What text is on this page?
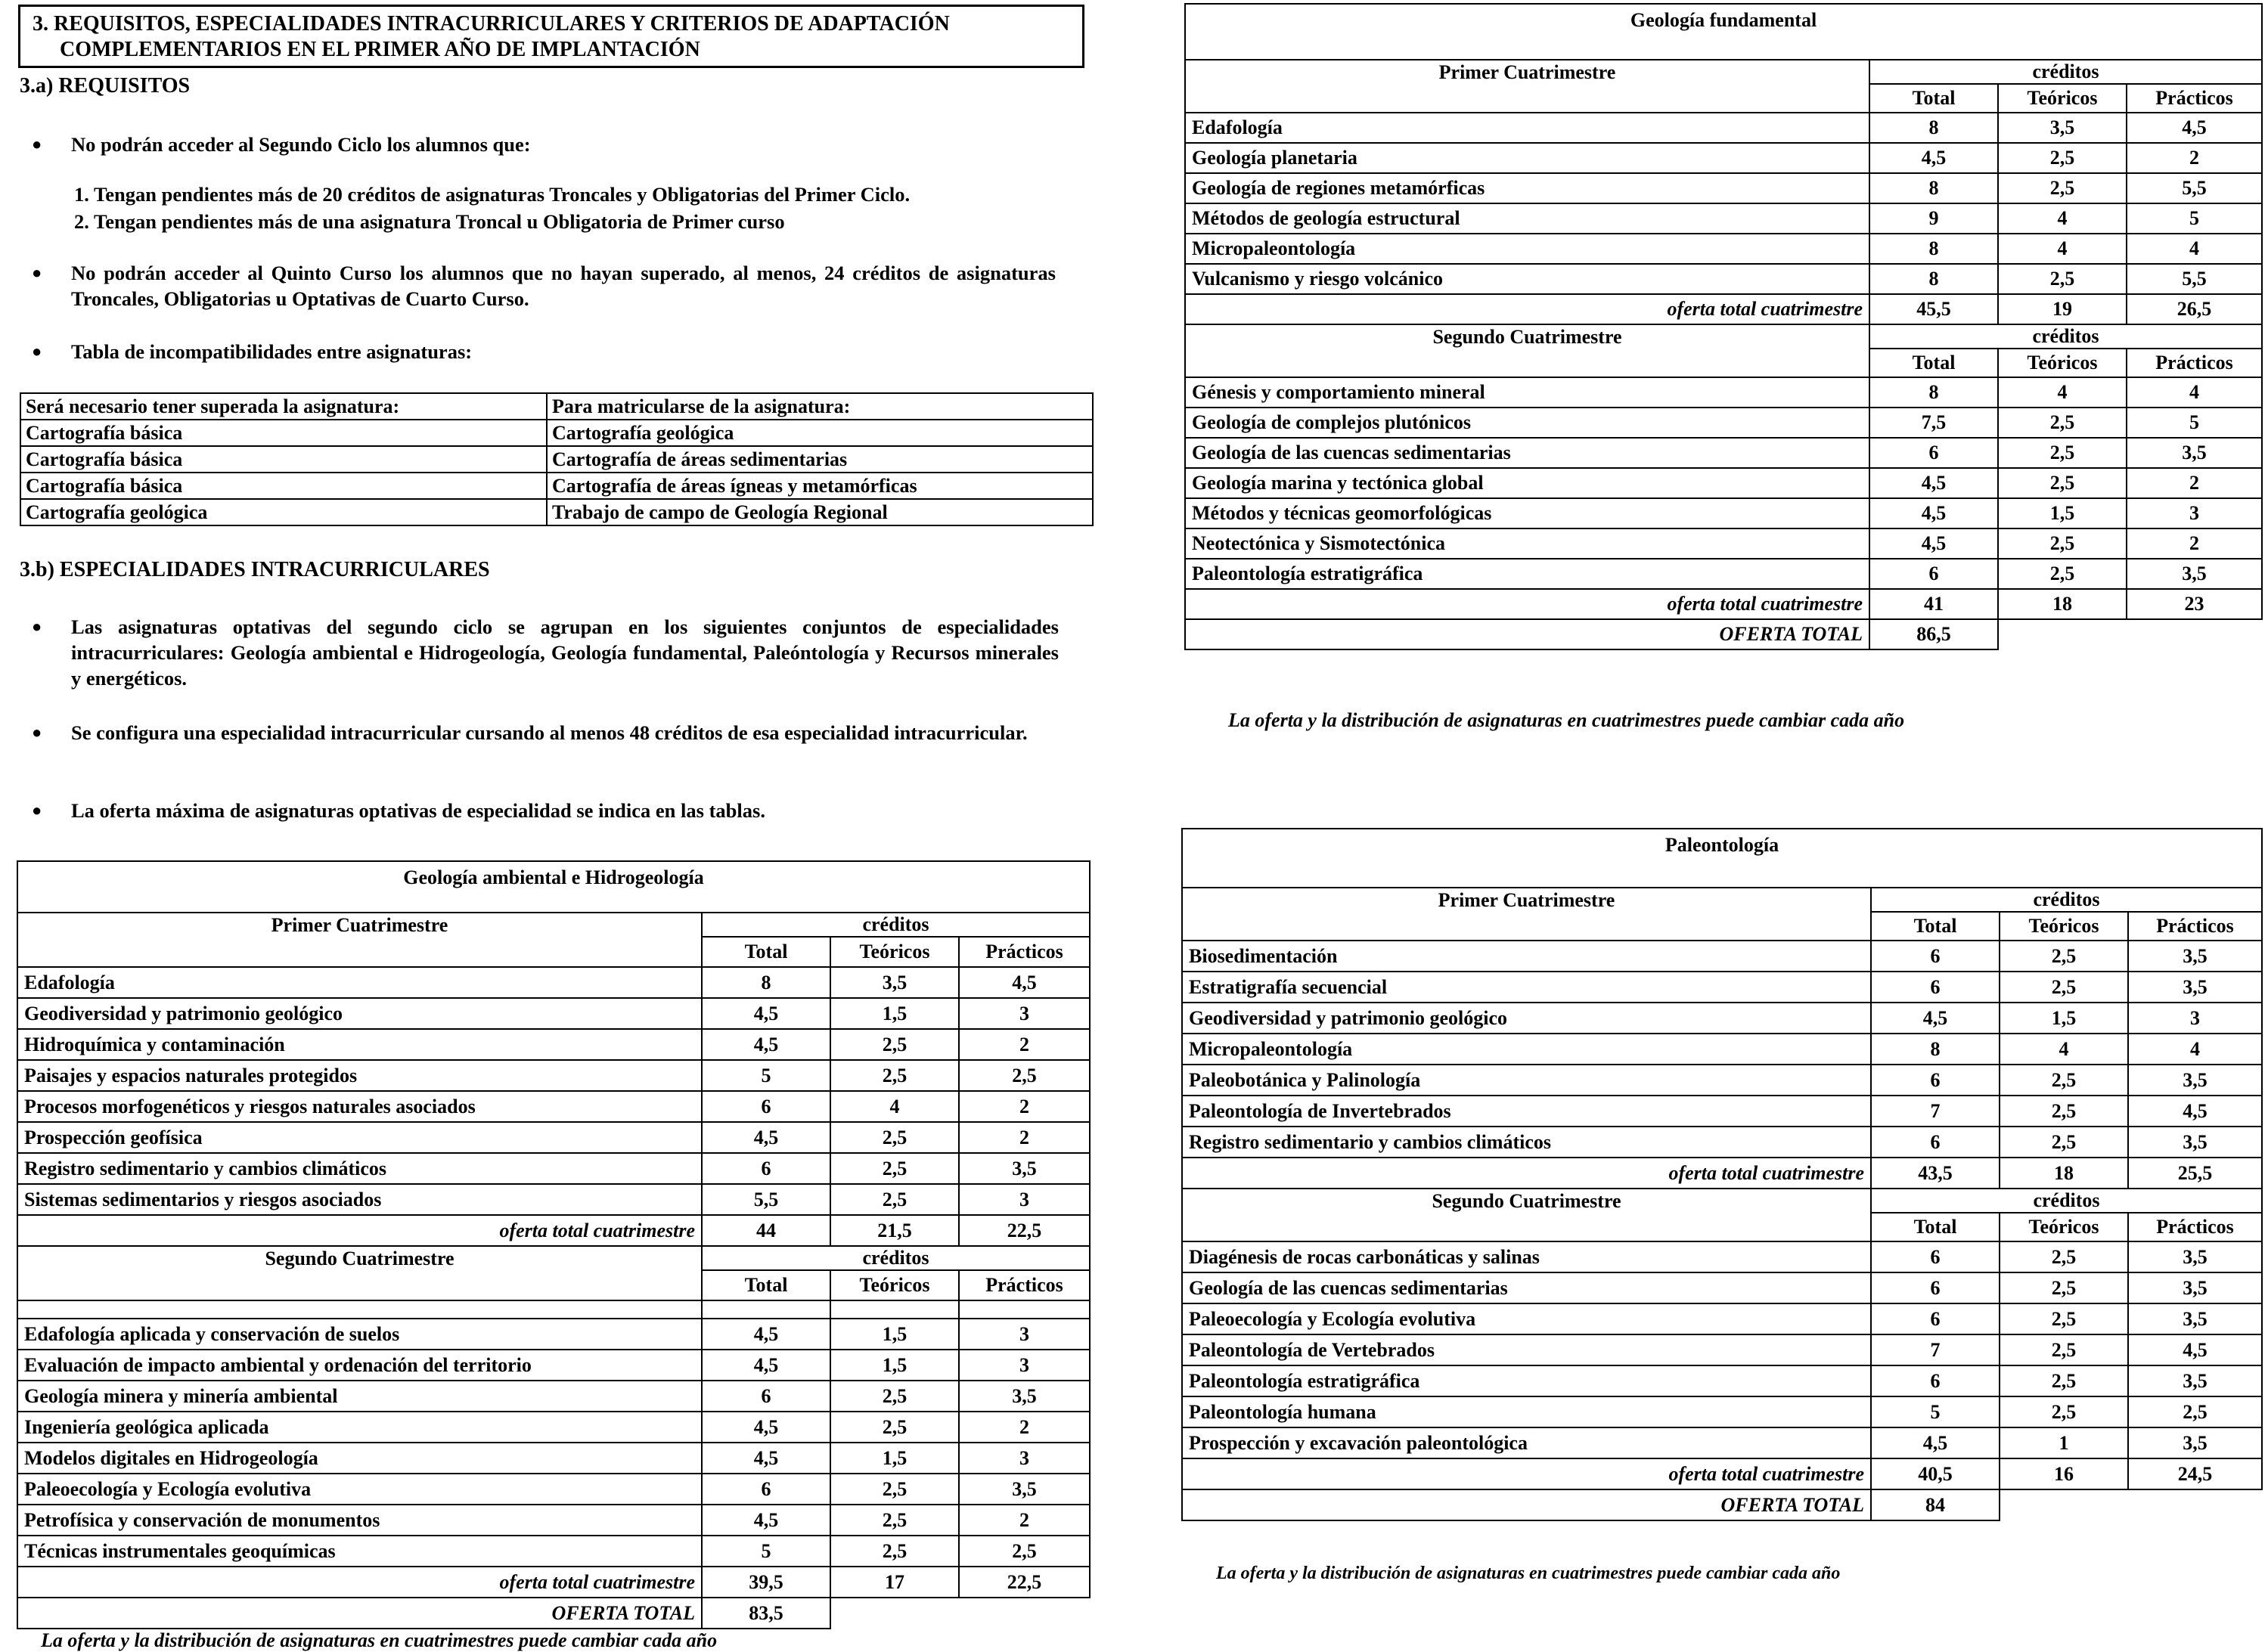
3. REQUISITOS, ESPECIALIDADES INTRACURRICULARES Y CRITERIOS DE ADAPTACIÓN
COMPLEMENTARIOS EN EL PRIMER AÑO DE IMPLANTACIÓN
3.a) REQUISITOS
● No podrán acceder al Segundo Ciclo los alumnos que:
1. Tengan pendientes más de 20 créditos de asignaturas Troncales y Obligatorias del Primer Ciclo.
2. Tengan pendientes más de una asignatura Troncal u Obligatoria de Primer curso
● No podrán acceder al Quinto Curso los alumnos que no hayan superado, al menos, 24 créditos de asignaturas Troncales, Obligatorias u Optativas de Cuarto Curso.
● Tabla de incompatibilidades entre asignaturas:
Será necesario tener superada la asignatura:	Para matricularse de la asignatura:
Cartografía básica	Cartografía geológica
Cartografía básica	Cartografía de áreas sedimentarias
Cartografía básica	Cartografía de áreas ígneas y metamórficas
Cartografía geológica	Trabajo de campo de Geología Regional
3.b) ESPECIALIDADES INTRACURRICULARES
● Las asignaturas optativas del segundo ciclo se agrupan en los siguientes conjuntos de especialidades intracurriculares: Geología ambiental e Hidrogeología, Geología fundamental, Paleóntología y Recursos minerales y energéticos.
● Se configura una especialidad intracurricular cursando al menos 48 créditos de esa especialidad intracurricular.
● La oferta máxima de asignaturas optativas de especialidad se indica en las tablas.
Geología ambiental e Hidrogeología			
Primer Cuatrimestre	créditos		
	Total	Teóricos	Prácticos
Edafología	8	3,5	4,5
Geodiversidad y patrimonio geológico	4,5	1,5	3
Hidroquímica y contaminación	4,5	2,5	2
Paisajes y espacios naturales protegidos	5	2,5	2,5
Procesos morfogenéticos y riesgos naturales asociados	6	4	2
Prospección geofísica	4,5	2,5	2
Registro sedimentario y cambios climáticos	6	2,5	3,5
Sistemas sedimentarios y riesgos asociados	5,5	2,5	3
oferta total cuatrimestre	44	21,5	22,5
Segundo Cuatrimestre	créditos		
	Total	Teóricos	Prácticos

Edafología aplicada y conservación de suelos	4,5	1,5	3
Evaluación de impacto ambiental y ordenación del territorio	4,5	1,5	3
Geología minera y minería ambiental	6	2,5	3,5
Ingeniería geológica aplicada	4,5	2,5	2
Modelos digitales en Hidrogeología	4,5	1,5	3
Paleoecología y Ecología evolutiva	6	2,5	3,5
Petrofísica y conservación de monumentos	4,5	2,5	2
Técnicas instrumentales geoquímicas	5	2,5	2,5
oferta total cuatrimestre	39,5	17	22,5
OFERTA TOTAL	83,5		
La oferta y la distribución de asignaturas en cuatrimestres puede cambiar cada año
Geología fundamental			
Primer Cuatrimestre	créditos		
	Total	Teóricos	Prácticos
Edafología	8	3,5	4,5
Geología planetaria	4,5	2,5	2
Geología de regiones metamórficas	8	2,5	5,5
Métodos de geología estructural	9	4	5
Micropaleontología	8	4	4
Vulcanismo y riesgo volcánico	8	2,5	5,5
oferta total cuatrimestre	45,5	19	26,5
Segundo Cuatrimestre	créditos		
	Total	Teóricos	Prácticos
Génesis y comportamiento mineral	8	4	4
Geología de complejos plutónicos	7,5	2,5	5
Geología de las cuencas sedimentarias	6	2,5	3,5
Geología marina y tectónica global	4,5	2,5	2
Métodos y técnicas geomorfológicas	4,5	1,5	3
Neotectónica y Sismotectónica	4,5	2,5	2
Paleontología estratigráfica	6	2,5	3,5
oferta total cuatrimestre	41	18	23
OFERTA TOTAL	86,5		
La oferta y la distribución de asignaturas en cuatrimestres puede cambiar cada año
Paleontología			
Primer Cuatrimestre	créditos		
	Total	Teóricos	Prácticos
Biosedimentación	6	2,5	3,5
Estratigrafía secuencial	6	2,5	3,5
Geodiversidad y patrimonio geológico	4,5	1,5	3
Micropaleontología	8	4	4
Paleobotánica y Palinología	6	2,5	3,5
Paleontología de Invertebrados	7	2,5	4,5
Registro sedimentario y cambios climáticos	6	2,5	3,5
oferta total cuatrimestre	43,5	18	25,5
Segundo Cuatrimestre	créditos		
	Total	Teóricos	Prácticos
Diagénesis de rocas carbonáticas y salinas	6	2,5	3,5
Geología de las cuencas sedimentarias	6	2,5	3,5
Paleoecología y Ecología evolutiva	6	2,5	3,5
Paleontología de Vertebrados	7	2,5	4,5
Paleontología estratigráfica	6	2,5	3,5
Paleontología humana	5	2,5	2,5
Prospección y excavación paleontológica	4,5	1	3,5
oferta total cuatrimestre	40,5	16	24,5
OFERTA TOTAL	84		
La oferta y la distribución de asignaturas en cuatrimestres puede cambiar cada año
